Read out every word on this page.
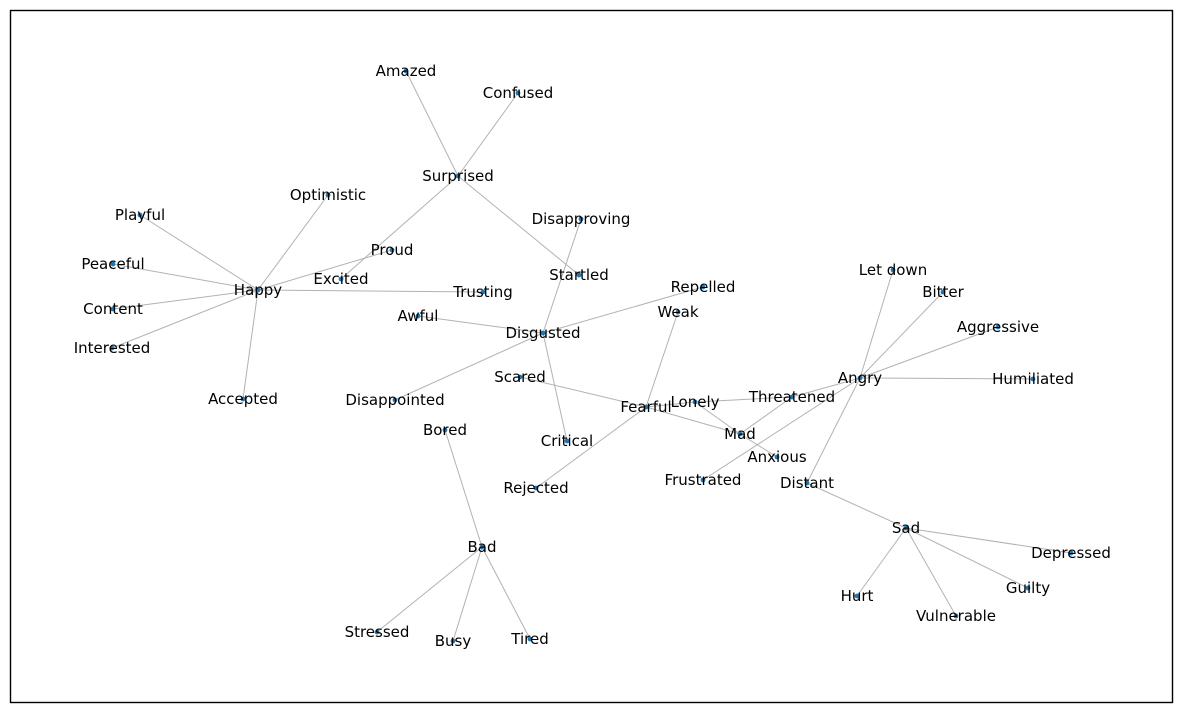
Amazed
Confused
Surprised
Optimistic
Playful	Disapproving
Proud
Peaceful	Let down
Startled
Excited	Repelled
Happy	Bitter
Trusting
Content	Weak
Awful
Aggressive
Disgusted
Interested
Scared	Angry	Humiliated
Threatened
Accepted	Disappointed	Lonely
Fearful
Bored	Mad
Critical
Anxious
Frustrated	Distant
Rejected
Sad
Bad	Depressed
Guilty
Hurt
Vulnerable
Stressed	Tired
Busy
